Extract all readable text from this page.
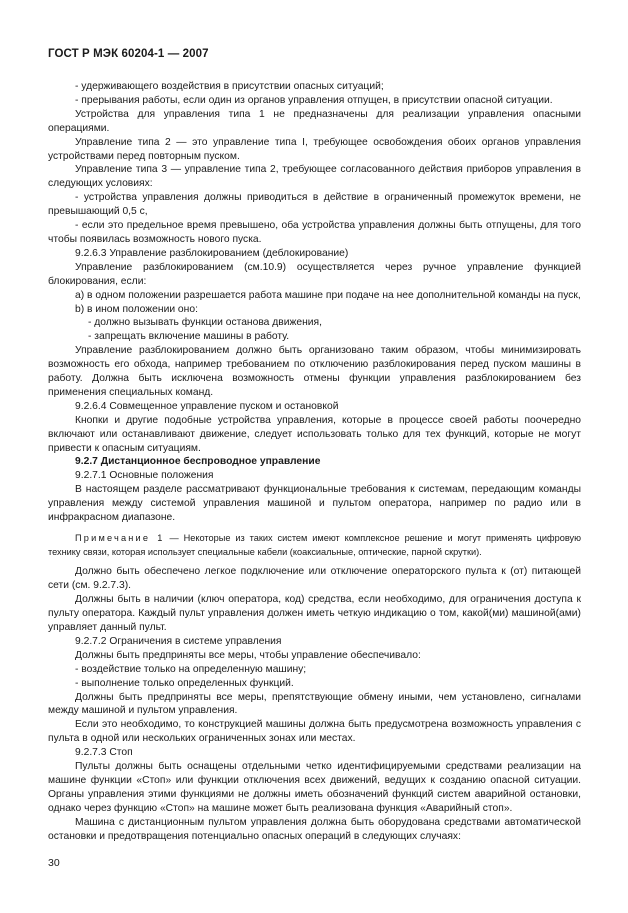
ГОСТ Р МЭК 60204-1 — 2007

- удерживающего воздействия в присутствии опасных ситуаций;

- прерывания работы, если один из органов управления отпущен, в присутствии опасной ситуации.

Устройства для управления типа 1 не предназначены для реализации управления опасными операциями.

Управление типа 2 — это управление типа I, требующее освобождения обоих органов управления устройствами перед повторным пуском.

Управление типа 3 — управление типа 2, требующее согласованного действия приборов управления в следующих условиях:

- устройства управления должны приводиться в действие в ограниченный промежуток времени, не превышающий 0,5 с,

- если это предельное время превышено, оба устройства управления должны быть отпущены, для того чтобы появилась возможность нового пуска.

9.2.6.3 Управление разблокированием (деблокирование)

Управление разблокированием (см.10.9) осуществляется через ручное управление функцией блокирования, если:

a) в одном положении разрешается работа машине при подаче на нее дополнительной команды на пуск,

b) в ином положении оно:

- должно вызывать функции останова движения,

- запрещать включение машины в работу.

Управление разблокированием должно быть организовано таким образом, чтобы минимизировать возможность его обхода, например требованием по отключению разблокирования перед пуском машины в работу. Должна быть исключена возможность отмены функции управления разблокированием без применения специальных команд.

9.2.6.4 Совмещенное управление пуском и остановкой

Кнопки и другие подобные устройства управления, которые в процессе своей работы поочередно включают или останавливают движение, следует использовать только для тех функций, которые не могут привести к опасным ситуациям.

9.2.7 Дистанционное беспроводное управление

9.2.7.1 Основные положения

В настоящем разделе рассматривают функциональные требования к системам, передающим команды управления между системой управления машиной и пультом оператора, например по радио или в инфракрасном диапазоне.

Примечание 1 — Некоторые из таких систем имеют комплексное решение и могут применять цифровую технику связи, которая использует специальные кабели (коаксиальные, оптические, парной скрутки).

Должно быть обеспечено легкое подключение или отключение операторского пульта к (от) питающей сети (см. 9.2.7.3).

Должны быть в наличии (ключ оператора, код) средства, если необходимо, для ограничения доступа к пульту оператора. Каждый пульт управления должен иметь четкую индикацию о том, какой(ми) машиной(ами) управляет данный пульт.

9.2.7.2 Ограничения в системе управления

Должны быть предприняты все меры, чтобы управление обеспечивало:

- воздействие только на определенную машину;

- выполнение только определенных функций.

Должны быть предприняты все меры, препятствующие обмену иными, чем установлено, сигналами между машиной и пультом управления.

Если это необходимо, то конструкцией машины должна быть предусмотрена возможность управления с пульта в одной или нескольких ограниченных зонах или местах.

9.2.7.3 Стоп

Пульты должны быть оснащены отдельными четко идентифицируемыми средствами реализации на машине функции «Стоп» или функции отключения всех движений, ведущих к созданию опасной ситуации. Органы управления этими функциями не должны иметь обозначений функций систем аварийной остановки, однако через функцию «Стоп» на машине может быть реализована функция «Аварийный стоп».

Машина с дистанционным пультом управления должна быть оборудована средствами автоматической остановки и предотвращения потенциально опасных операций в следующих случаях:

30
